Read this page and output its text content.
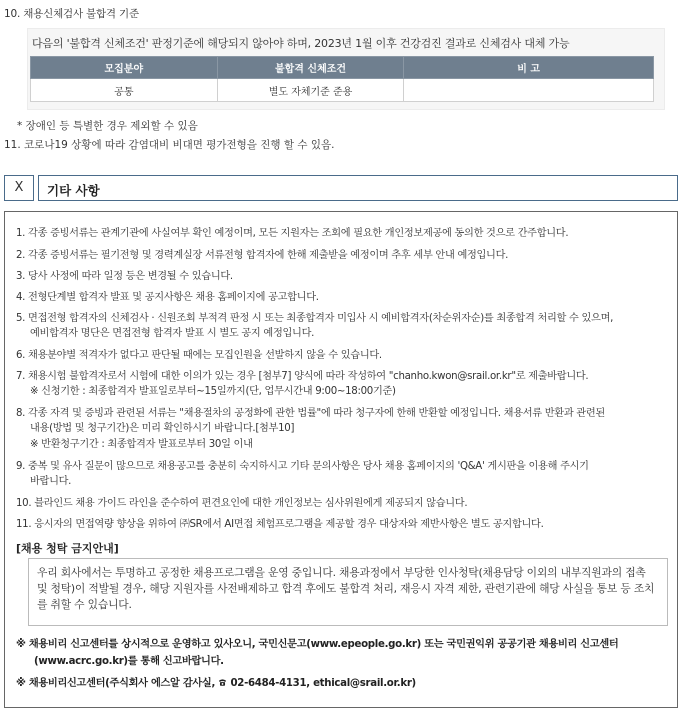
10. 채용신체검사 불합격 기준
다음의 '불합격 신체조건' 판정기준에 해당되지 않아야 하며, 2023년 1월 이후 건강검진 결과로 신체검사 대체 가능
모집분야	불합격 신체조건	비 고
공통	별도 자체기준 준용	
* 장애인 등 특별한 경우 제외할 수 있음
11. 코로나19 상황에 따라 감염대비 비대면 평가전형을 진행 할 수 있음.
Ⅹ	기타 사항
1. 각종 증빙서류는 관계기관에 사실여부 확인 예정이며, 모든 지원자는 조회에 필요한 개인정보제공에 동의한 것으로 간주합니다.
2. 각종 증빙서류는 필기전형 및 경력계실장 서류전형 합격자에 한해 제출받을 예정이며 추후 세부 안내 예정입니다.
3. 당사 사정에 따라 일정 등은 변경될 수 있습니다.
4. 전형단계별 합격자 발표 및 공지사항은 채용 홈페이지에 공고합니다.
5. 면접전형 합격자의 신체검사 · 신원조회 부적격 판정 시 또는 최종합격자 미입사 시 예비합격자(차순위자순)를 최종합격 처리할 수 있으며,
예비합격자 명단은 면접전형 합격자 발표 시 별도 공지 예정입니다.
6. 채용분야별 적격자가 없다고 판단될 때에는 모집인원을 선발하지 않을 수 있습니다.
7. 채용시험 불합격자로서 시험에 대한 이의가 있는 경우 [첨부7] 양식에 따라 작성하여 "chanho.kwon@srail.or.kr"로 제출바랍니다.
※ 신청기한 : 최종합격자 발표일로부터~15일까지(단, 업무시간내 9:00~18:00기준)
8. 각종 자격 및 증빙과 관련된 서류는 "채용절차의 공정화에 관한 법률"에 따라 청구자에 한해 반환할 예정입니다. 채용서류 반환과 관련된
내용(방법 및 청구기간)은 미리 확인하시기 바랍니다.[첨부10]
※ 반환청구기간 : 최종합격자 발표로부터 30일 이내
9. 중복 및 유사 질문이 많으므로 채용공고를 충분히 숙지하시고 기타 문의사항은 당사 채용 홈페이지의 'Q&A' 게시판을 이용해 주시기
바랍니다.
10. 블라인드 채용 가이드 라인을 준수하여 편견요인에 대한 개인정보는 심사위원에게 제공되지 않습니다.
11. 응시자의 면접역량 향상을 위하여 ㈜SR에서 AI면접 체험프로그램을 제공할 경우 대상자와 제반사항은 별도 공지합니다.
[채용 청탁 금지안내]
우리 회사에서는 투명하고 공정한 채용프로그램을 운영 중입니다. 채용과정에서 부당한 인사청탁(채용담당 이외의 내부직원과의 접촉 및 청탁)이 적발될 경우, 해당 지원자를 사전배제하고 합격 후에도 불합격 처리, 재응시 자격 제한, 관련기관에 해당 사실을 통보 등 조치를 취할 수 있습니다.
※ 채용비리 신고센터를 상시적으로 운영하고 있사오니, 국민신문고(www.epeople.go.kr) 또는 국민권익위 공공기관 채용비리 신고센터
(www.acrc.go.kr)를 통해 신고바랍니다.
※ 채용비리신고센터(주식회사 에스알 감사실, 02-6484-4131, ethical@srail.or.kr)
